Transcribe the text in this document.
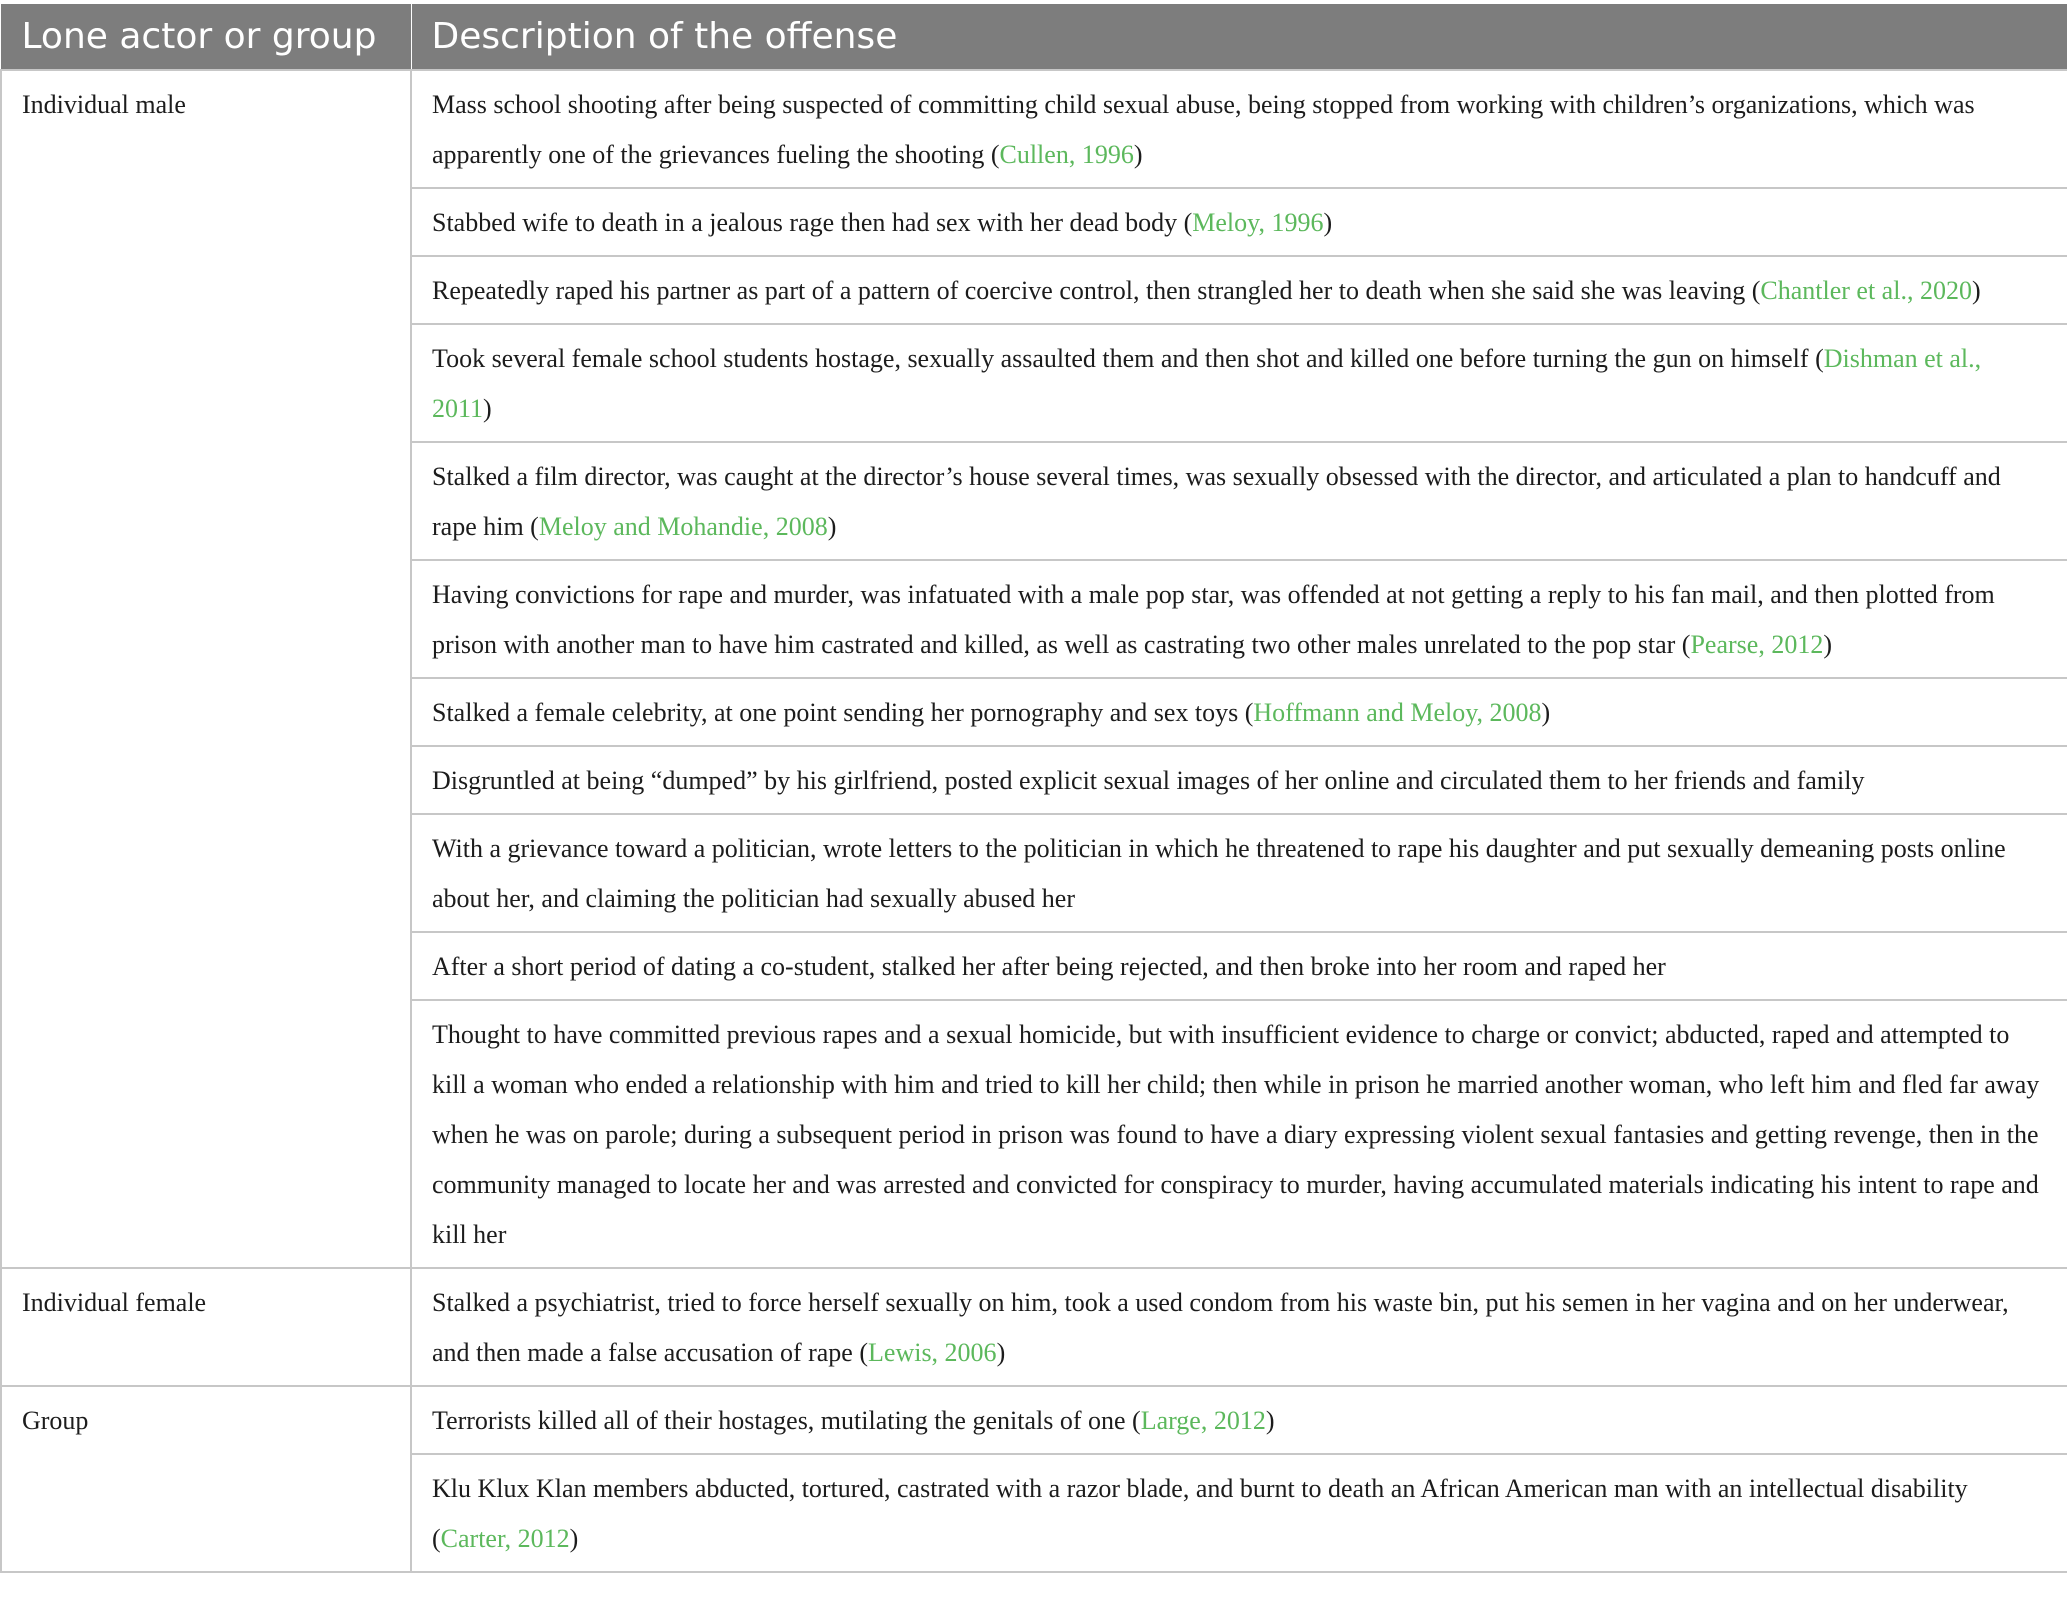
Lone actor or group	Description of the offense
Individual male	Mass school shooting after being suspected of committing child sexual abuse, being stopped from working with children’s organizations, which was apparently one of the grievances fueling the shooting (Cullen, 1996)
	Stabbed wife to death in a jealous rage then had sex with her dead body (Meloy, 1996)
	Repeatedly raped his partner as part of a pattern of coercive control, then strangled her to death when she said she was leaving (Chantler et al., 2020)
	Took several female school students hostage, sexually assaulted them and then shot and killed one before turning the gun on himself (Dishman et al., 2011)
	Stalked a film director, was caught at the director’s house several times, was sexually obsessed with the director, and articulated a plan to handcuff and rape him (Meloy and Mohandie, 2008)
	Having convictions for rape and murder, was infatuated with a male pop star, was offended at not getting a reply to his fan mail, and then plotted from prison with another man to have him castrated and killed, as well as castrating two other males unrelated to the pop star (Pearse, 2012)
	Stalked a female celebrity, at one point sending her pornography and sex toys (Hoffmann and Meloy, 2008)
	Disgruntled at being “dumped” by his girlfriend, posted explicit sexual images of her online and circulated them to her friends and family
	With a grievance toward a politician, wrote letters to the politician in which he threatened to rape his daughter and put sexually demeaning posts online about her, and claiming the politician had sexually abused her
	After a short period of dating a co-student, stalked her after being rejected, and then broke into her room and raped her
	Thought to have committed previous rapes and a sexual homicide, but with insufficient evidence to charge or convict; abducted, raped and attempted to kill a woman who ended a relationship with him and tried to kill her child; then while in prison he married another woman, who left him and fled far away when he was on parole; during a subsequent period in prison was found to have a diary expressing violent sexual fantasies and getting revenge, then in the community managed to locate her and was arrested and convicted for conspiracy to murder, having accumulated materials indicating his intent to rape and kill her
Individual female	Stalked a psychiatrist, tried to force herself sexually on him, took a used condom from his waste bin, put his semen in her vagina and on her underwear, and then made a false accusation of rape (Lewis, 2006)
Group	Terrorists killed all of their hostages, mutilating the genitals of one (Large, 2012)
	Klu Klux Klan members abducted, tortured, castrated with a razor blade, and burnt to death an African American man with an intellectual disability (Carter, 2012)
